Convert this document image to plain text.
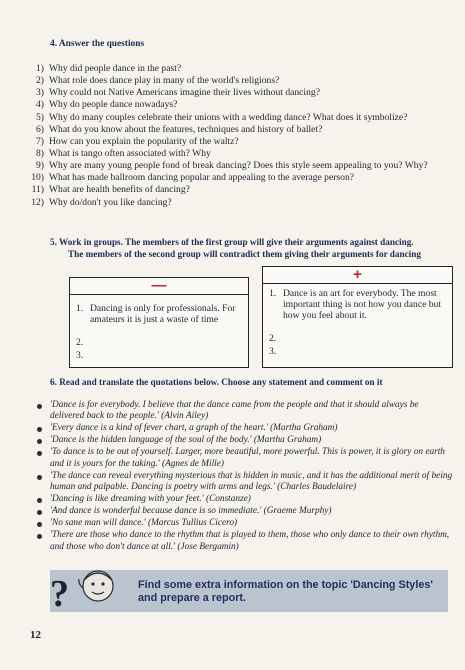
4. Answer the questions
1) Why did people dance in the past?
2) What role does dance play in many of the world's religions?
3) Why could not Native Americans imagine their lives without dancing?
4) Why do people dance nowadays?
5) Why do many couples celebrate their unions with a wedding dance? What does it symbolize?
6) What do you know about the features, techniques and history of ballet?
7) How can you explain the popularity of the waltz?
8) What is tango often associated with? Why
9) Why are many young people fond of break dancing? Does this style seem appealing to you? Why?
10) What has made ballroom dancing popular and appealing to the average person?
11) What are health benefits of dancing?
12) Why do/don't you like dancing?
5. Work in groups. The members of the first group will give their arguments against dancing.
The members of the second group will contradict them giving their arguments for dancing
—
1. Dancing is only for professionals. For amateurs it is just a waste of time
2.
3.
+
1. Dance is an art for everybody. The most important thing is not how you dance but how you feel about it.
2.
3.
6. Read and translate the quotations below. Choose any statement and comment on it
'Dance is for everybody. I believe that the dance came from the people and that it should always be delivered back to the people.' (Alvin Ailey)
'Every dance is a kind of fever chart, a graph of the heart.' (Martha Graham)
'Dance is the hidden language of the soul of the body.' (Martha Graham)
'To dance is to be out of yourself. Larger, more beautiful, more powerful. This is power, it is glory on earth and it is yours for the taking.' (Agnes de Mille)
'The dance can reveal everything mysterious that is hidden in music, and it has the additional merit of being human and palpable. Dancing is poetry with arms and legs.' (Charles Baudelaire)
'Dancing is like dreaming with your feet.' (Constanze)
'And dance is wonderful because dance is so immediate.' (Graeme Murphy)
'No sane man will dance.' (Marcus Tullius Cicero)
'There are those who dance to the rhythm that is played to them, those who only dance to their own rhythm, and those who don't dance at all.' (Jose Bergamin)
?	Find some extra information on the topic 'Dancing Styles'
and prepare a report.
12
